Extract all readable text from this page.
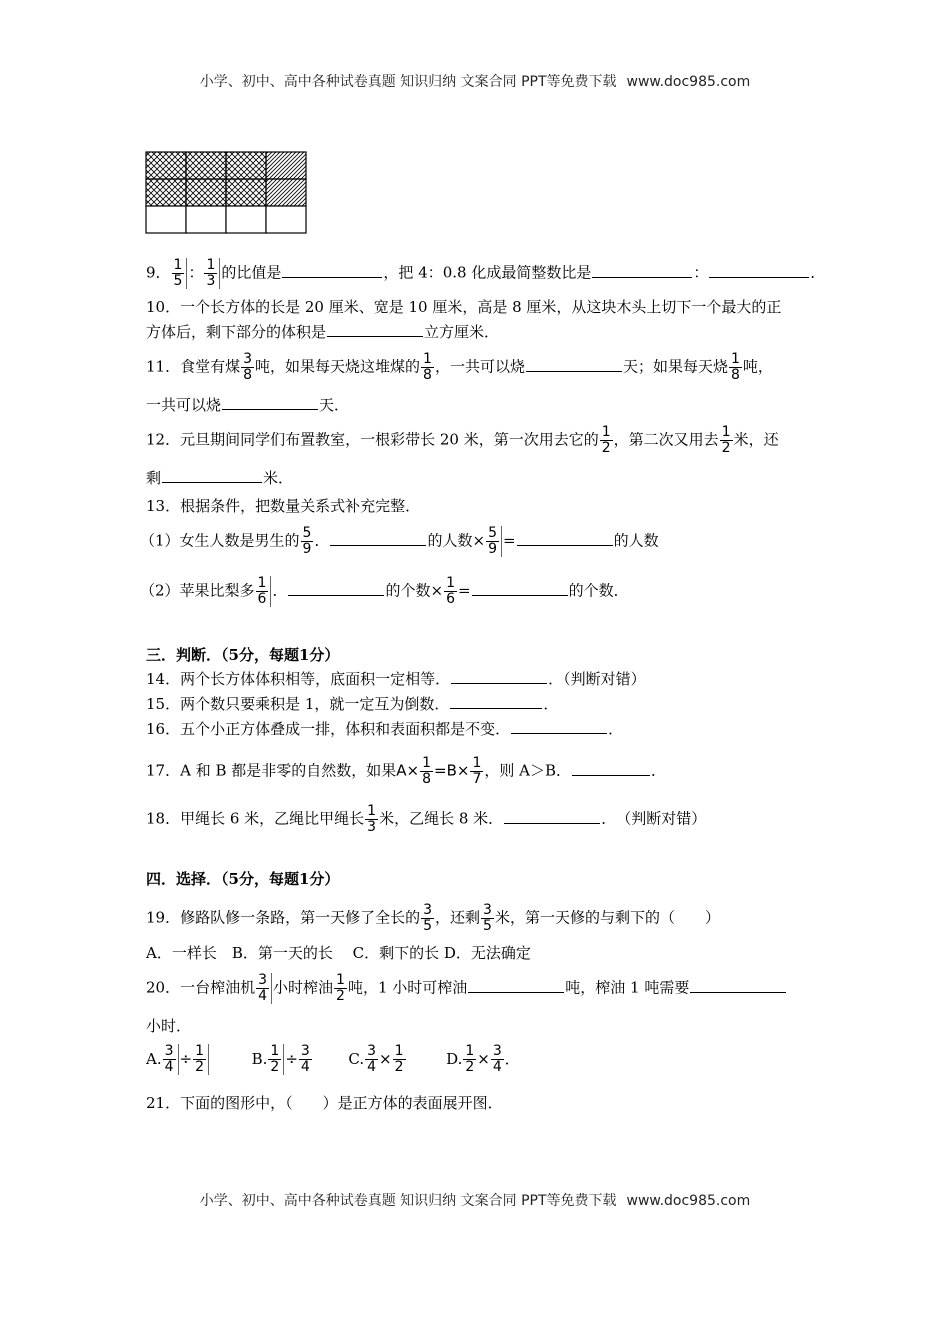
小学、初中、高中各种试卷真题 知识归纳 文案合同 PPT等免费下载 www.doc985.com
9． $\frac{1}{5}$ ： $\frac{1}{3}$ 的比值是	，把 4：0.8 化成最简整数比是	：	．
10．一个长方体的长是 20 厘米、宽是 10 厘米，高是 8 厘米，从这块木头上切下一个最大的正
方体后，剩下部分的体积是	立方厘米．
11．食堂有煤 $\frac{3}{8}$ 吨，如果每天烧这堆煤的 $\frac{1}{8}$ ，一共可以烧	天；如果每天烧 $\frac{1}{8}$ 吨，
一共可以烧	天．
12．元旦期间同学们布置教室，一根彩带长 20 米，第一次用去它的 $\frac{1}{2}$ ，第二次又用去 $\frac{1}{2}$ 米，还
剩	米．
13．根据条件，把数量关系式补充完整．
（1）女生人数是男生的 $\frac{5}{9}$ ．	的人数× $\frac{5}{9}$ =	的人数
（2）苹果比梨多 $\frac{1}{6}$ ．	的个数× $\frac{1}{6}$ =	的个数．
三．判断．（5分，每题1分）
14．两个长方体体积相等，底面积一定相等．	．（判断对错）
15．两个数只要乘积是 1，就一定互为倒数．	．
16．五个小正方体叠成一排，体积和表面积都是不变．	．
17．A 和 B 都是非零的自然数，如果$A\times \frac{1}{8} =B\times \frac{1}{7}$ ，则 A＞B．	．
18．甲绳长 6 米，乙绳比甲绳长 $\frac{1}{3}$ 米，乙绳长 8 米．	．　（判断对错）
四．选择．（5分，每题1分）
19．修路队修一条路，第一天修了全长的 $\frac{3}{5}$ ，还剩 $\frac{3}{5}$ 米，第一天修的与剩下的（　　）
A．一样长　B．第一天的长　 C．剩下的长 D．无法确定
20．一台榨油机 $\frac{3}{4}$ 小时榨油 $\frac{1}{2}$ 吨，1 小时可榨油	吨，榨油 1 吨需要
小时．
A. $\frac{3}{4} \div \frac{1}{2}$	B. $\frac{1}{2} \div \frac{3}{4} C$. $\frac{3}{4} \times \frac{1}{2}$	D. $\frac{1}{2} \times \frac{3}{4}$ ．
21．下面的图形中，（　　）是正方体的表面展开图．
小学、初中、高中各种试卷真题 知识归纳 文案合同 PPT等免费下载 www.doc985.com
